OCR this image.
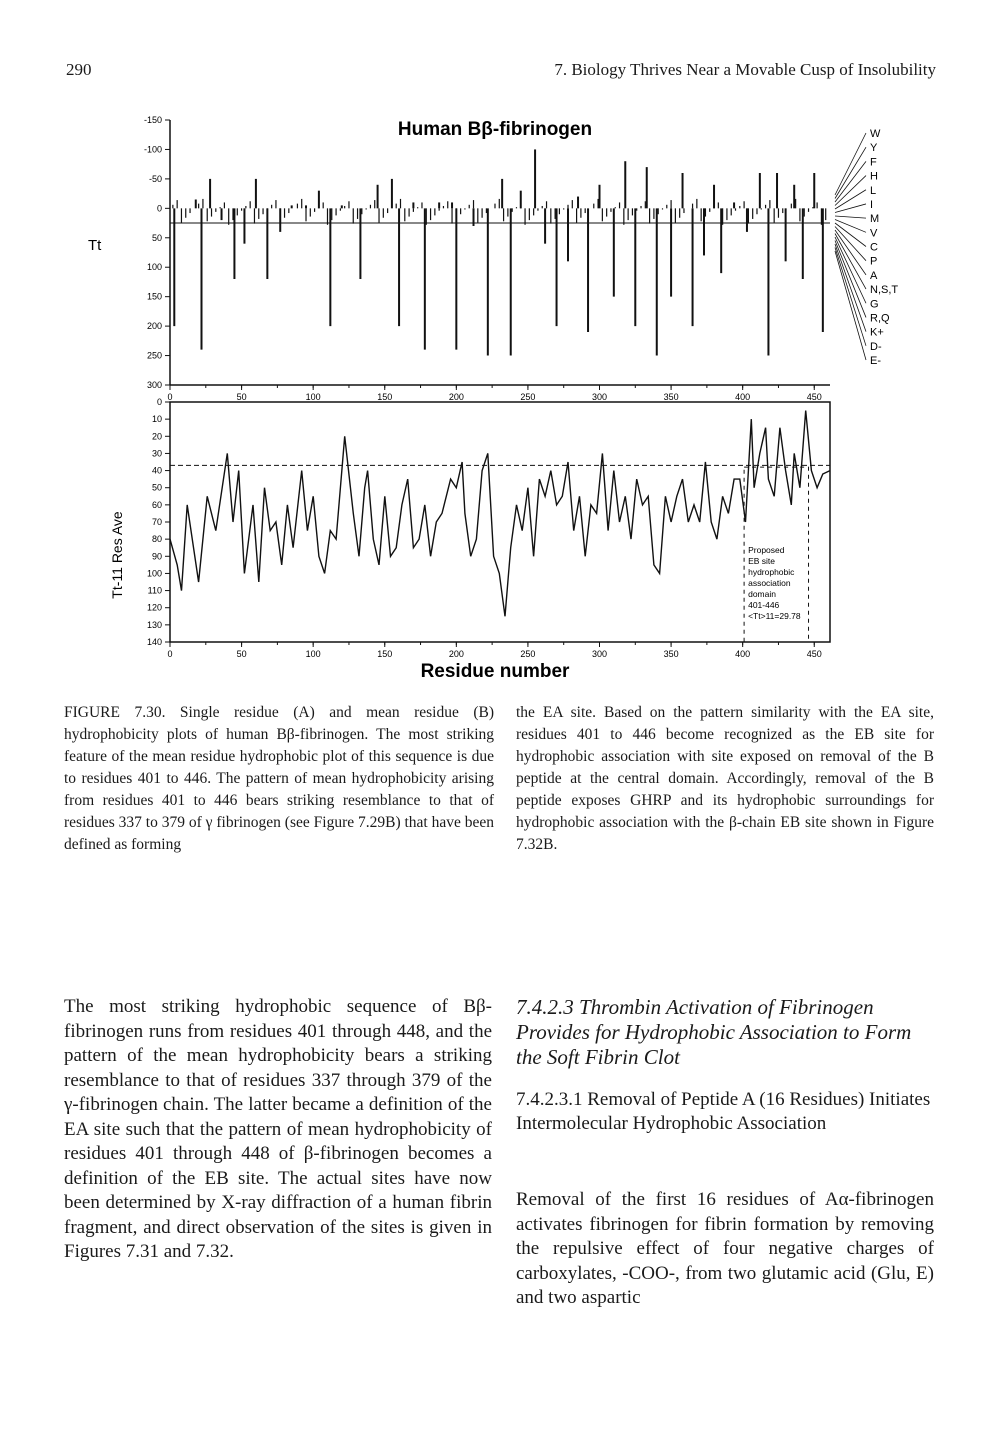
290	7. Biology Thrives Near a Movable Cusp of Insolubility
Human Bβ-fibrinogen
Tt
-150
-100
-50
0
50
100
150
200
250
300
0	50	100	150	200	250	300	350	400	450
W
Y
F
H
L
I
M
V
C
P
A
N,S,T
G
R,Q
K+
D-
E-
Tt-11 Res Ave
0
10
20
30
40
50
60
70
80
90
100
110
120
130
140
0	50	100	150	200	250	300	350	400	450
Proposed
EB site
hydrophobic
association
domain
401-446
<Tt>11=29.78
Residue number
FIGURE 7.30. Single residue (A) and mean residue (B) hydrophobicity plots of human Bβ-fibrinogen. The most striking feature of the mean residue hydrophobic plot of this sequence is due to residues 401 to 446. The pattern of mean hydrophobicity arising from residues 401 to 446 bears striking resemblance to that of residues 337 to 379 of γ fibrinogen (see Figure 7.29B) that have been defined as forming
the EA site. Based on the pattern similarity with the EA site, residues 401 to 446 become recognized as the EB site for hydrophobic association with site exposed on removal of the B peptide at the central domain. Accordingly, removal of the B peptide exposes GHRP and its hydrophobic surroundings for hydrophobic association with the β-chain EB site shown in Figure 7.32B.
The most striking hydrophobic sequence of Bβ-fibrinogen runs from residues 401 through 448, and the pattern of the mean hydrophobicity bears a striking resemblance to that of residues 337 through 379 of the γ-fibrinogen chain. The latter became a definition of the EA site such that the pattern of mean hydrophobicity of residues 401 through 448 of β-fibrinogen becomes a definition of the EB site. The actual sites have now been determined by X-ray diffraction of a human fibrin fragment, and direct observation of the sites is given in Figures 7.31 and 7.32.
7.4.2.3 Thrombin Activation of Fibrinogen Provides for Hydrophobic Association to Form the Soft Fibrin Clot
7.4.2.3.1 Removal of Peptide A (16 Residues) Initiates Intermolecular Hydrophobic Association
Removal of the first 16 residues of Aα-fibrinogen activates fibrinogen for fibrin formation by removing the repulsive effect of four negative charges of carboxylates, -COO-, from two glutamic acid (Glu, E) and two aspartic
